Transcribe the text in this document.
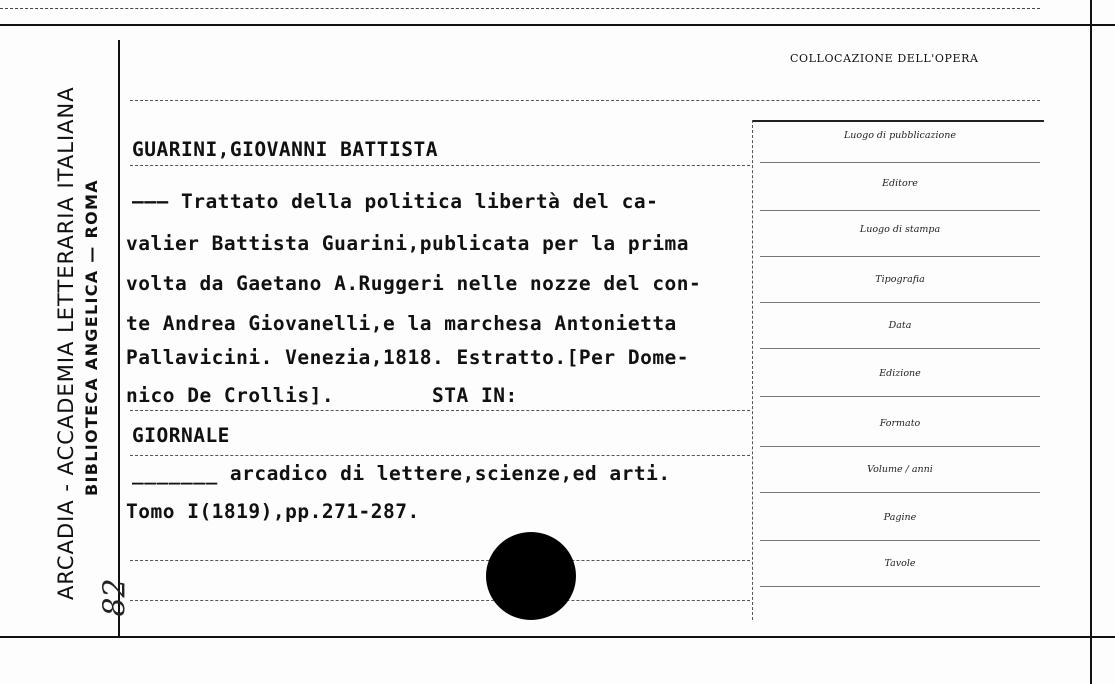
ARCADIA - ACCADEMIA LETTERARIA ITALIANA BIBLIOTECA ANGELICA — ROMA
82
GUARINI,GIOVANNI BATTISTA
——— Trattato della politica libertà del ca-
valier Battista Guarini,publicata per la prima
volta da Gaetano A.Ruggeri nelle nozze del con-
te Andrea Giovanelli,e la marchesa Antonietta
Pallavicini. Venezia,1818. Estratto.[Per Dome-
nico De Crollis].        STA IN:
GIORNALE
_______ arcadico di lettere,scienze,ed arti.
Tomo I(1819),pp.271-287.
COLLOCAZIONE DELL'OPERA
Luogo di pubblicazione
Editore
Luogo di stampa
Tipografia
Data
Edizione
Formato
Volume / anni
Pagine
Tavole
